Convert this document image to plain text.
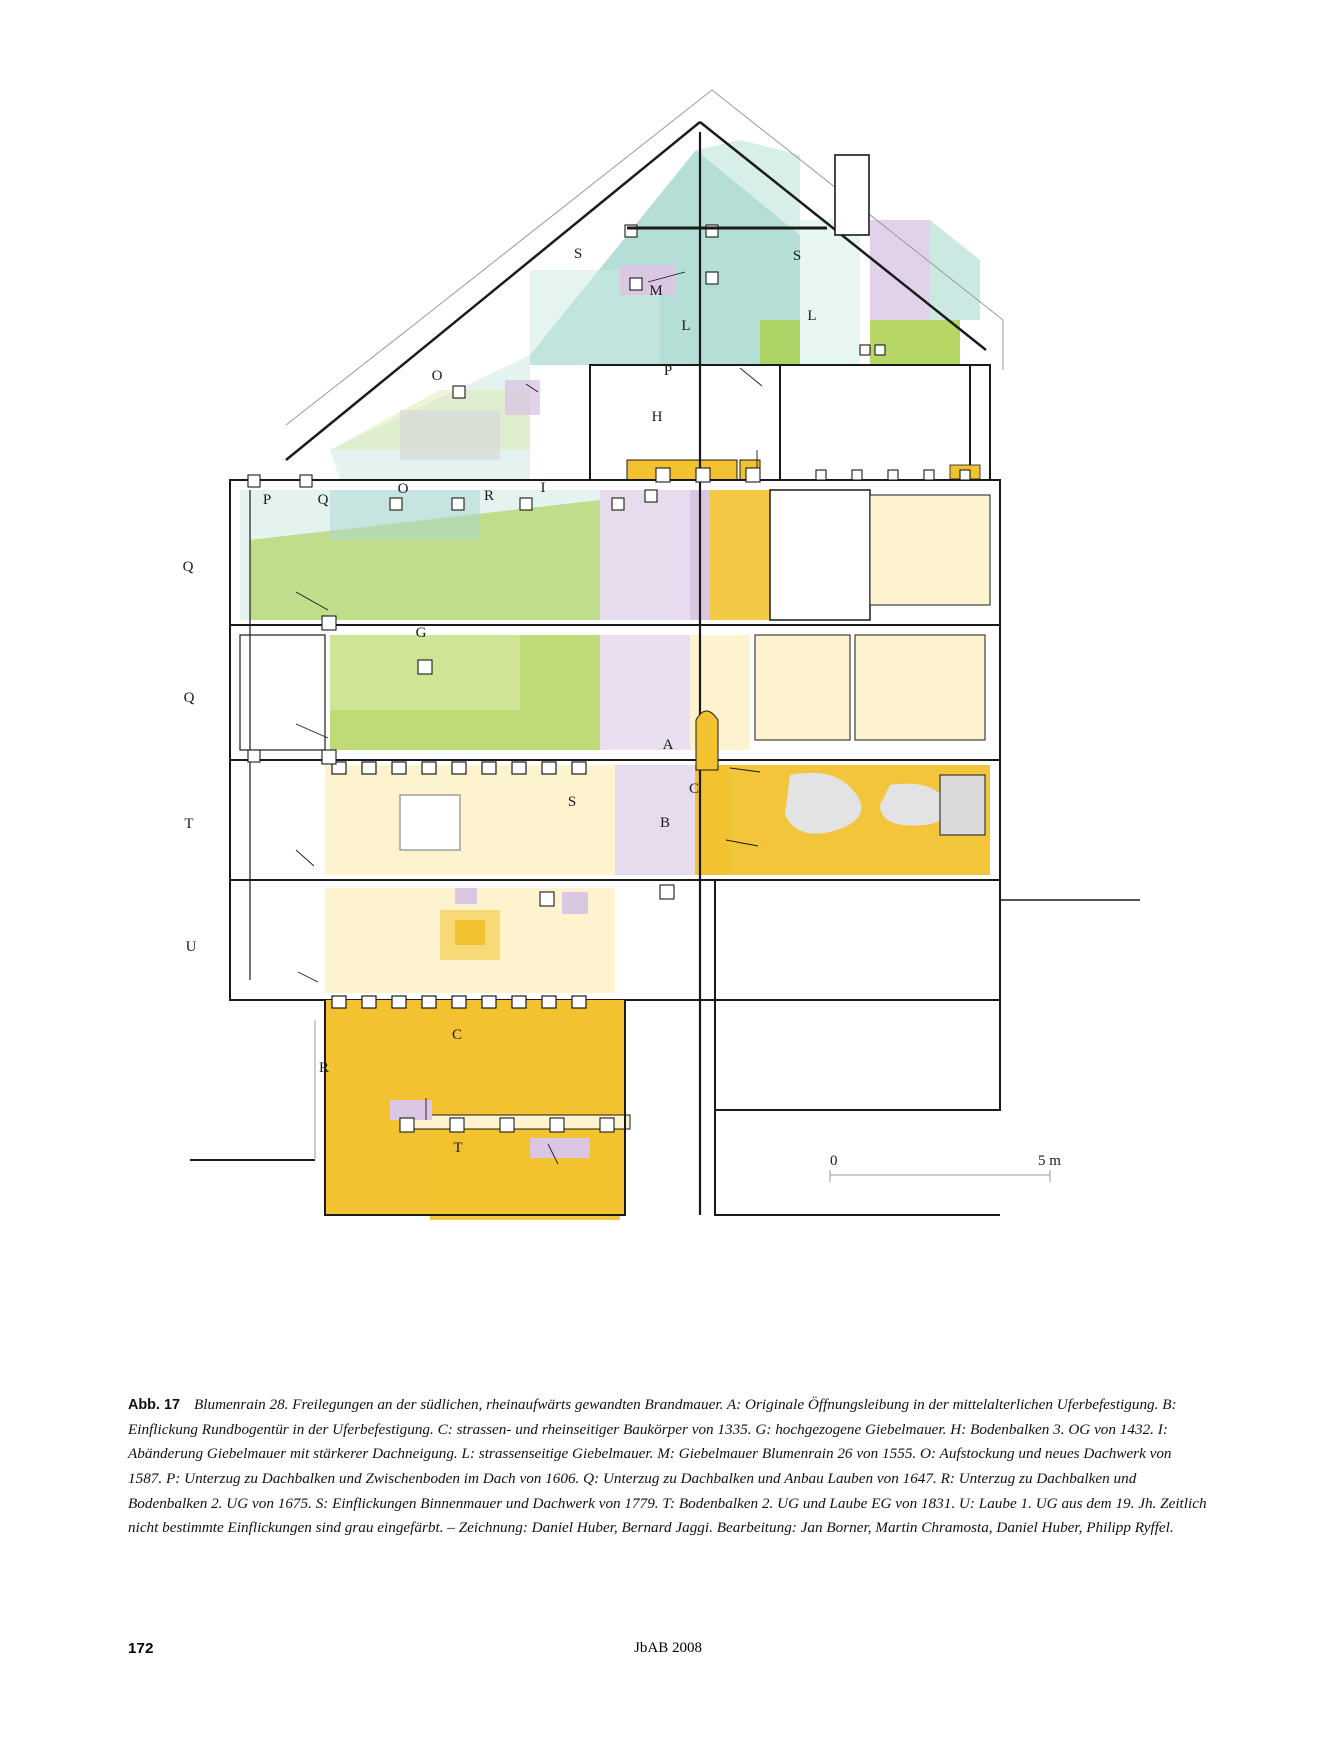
S	S
M
L
L
O	P
H
P	Q
O	R	I
Q
G
Q
A
C
S
B
T
U
C
R
T
0	5 m

Abb. 17 Blumenrain 28. Freilegungen an der südlichen, rheinaufwärts gewandten Brandmauer. A: Originale Öffnungsleibung in der mittelalterlichen Uferbefestigung. B: Einflickung Rundbogentür in der Uferbefestigung. C: strassen- und rheinseitiger Baukörper von 1335. G: hochgezogene Giebelmauer. H: Bodenbalken 3. OG von 1432. I: Abänderung Giebelmauer mit stärkerer Dachneigung. L: strassenseitige Giebelmauer. M: Giebelmauer Blumenrain 26 von 1555. O: Aufstockung und neues Dachwerk von 1587. P: Unterzug zu Dachbalken und Zwischenboden im Dach von 1606. Q: Unterzug zu Dachbalken und Anbau Lauben von 1647. R: Unterzug zu Dachbalken und Bodenbalken 2. UG von 1675. S: Einflickungen Binnenmauer und Dachwerk von 1779. T: Bodenbalken 2. UG und Laube EG von 1831. U: Laube 1. UG aus dem 19. Jh. Zeitlich nicht bestimmte Einflickungen sind grau eingefärbt. – Zeichnung: Daniel Huber, Bernard Jaggi. Bearbeitung: Jan Borner, Martin Chramosta, Daniel Huber, Philipp Ryffel.

172	JbAB 2008
